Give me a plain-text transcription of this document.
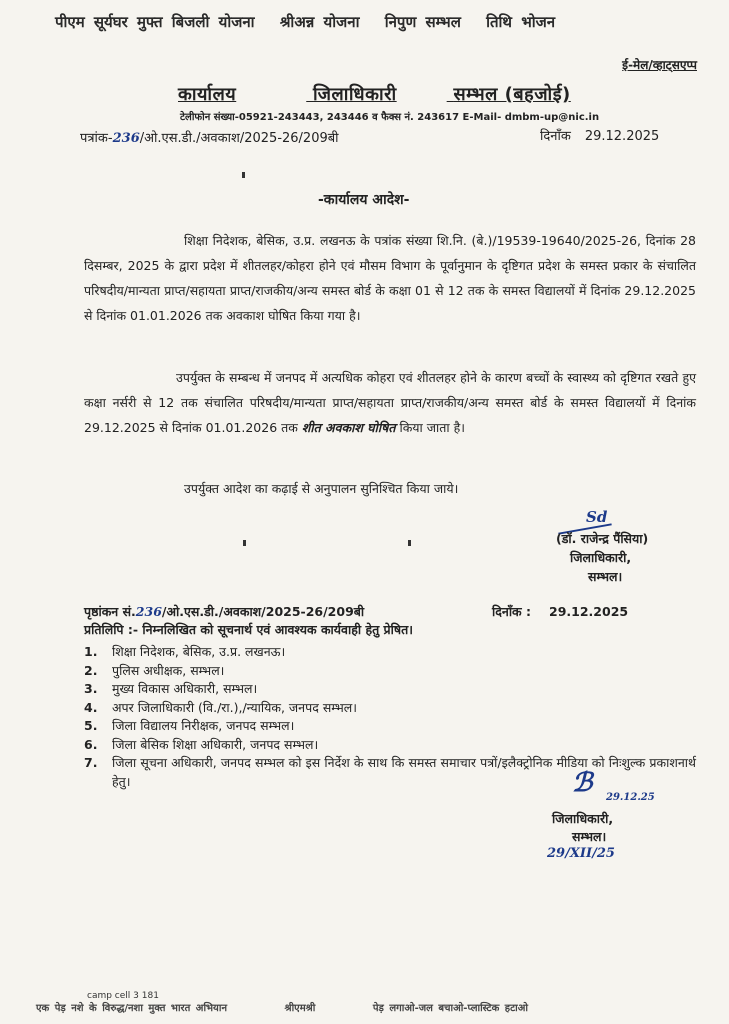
पीएम सूर्यघर मुफ्त बिजली योजना श्रीअन्न योजना निपुण सम्भल तिथि भोजन
ई-मेल/व्हाट्सएप्प
कार्यालय	जिलाधिकारी	सम्भल (बहजोई)
टेलीफोन संख्या-05921-243443, 243446 व फैक्स नं. 243617 E-Mail- dmbm-up@nic.in
पत्रांक-236/ओ.एस.डी./अवकाश/2025-26/209बी	दिनाँक 29.12.2025
-कार्यालय आदेश-

शिक्षा निदेशक, बेसिक, उ.प्र. लखनऊ के पत्रांक संख्या शि.नि. (बे.)/19539-19640/2025-26, दिनांक 28 दिसम्बर, 2025 के द्वारा प्रदेश में शीतलहर/कोहरा होने एवं मौसम विभाग के पूर्वानुमान के दृष्टिगत प्रदेश के समस्त प्रकार के संचालित परिषदीय/मान्यता प्राप्त/सहायता प्राप्त/राजकीय/अन्य समस्त बोर्ड के कक्षा 01 से 12 तक के समस्त विद्यालयों में दिनांक 29.12.2025 से दिनांक 01.01.2026 तक अवकाश घोषित किया गया है।

उपर्युक्त के सम्बन्ध में जनपद में अत्यधिक कोहरा एवं शीतलहर होने के कारण बच्चों के स्वास्थ्य को दृष्टिगत रखते हुए कक्षा नर्सरी से 12 तक संचालित परिषदीय/मान्यता प्राप्त/सहायता प्राप्त/राजकीय/अन्य समस्त बोर्ड के समस्त विद्यालयों में दिनांक 29.12.2025 से दिनांक 01.01.2026 तक शीत अवकाश घोषित किया जाता है।

उपर्युक्त आदेश का कढ़ाई से अनुपालन सुनिश्चित किया जाये।

Sd
(डॉ. राजेन्द्र पैंसिया)
जिलाधिकारी,
सम्भल।
पृष्ठांकन सं.236/ओ.एस.डी./अवकाश/2025-26/209बी	दिनाँक : 29.12.2025
प्रतिलिपि :- निम्नलिखित को सूचनार्थ एवं आवश्यक कार्यवाही हेतु प्रेषित।
1.	शिक्षा निदेशक, बेसिक, उ.प्र. लखनऊ।
2.	पुलिस अधीक्षक, सम्भल।
3.	मुख्य विकास अधिकारी, सम्भल।
4.	अपर जिलाधिकारी (वि./रा.),/न्यायिक, जनपद सम्भल।
5.	जिला विद्यालय निरीक्षक, जनपद सम्भल।
6.	जिला बेसिक शिक्षा अधिकारी, जनपद सम्भल।
7.	जिला सूचना अधिकारी, जनपद सम्भल को इस निर्देश के साथ कि समस्त समाचार पत्रों/इलैक्ट्रोनिक मीडिया को निःशुल्क प्रकाशनार्थ हेतु।	ℬ 29.12.25
जिलाधिकारी,
सम्भल।
29/XII/25
camp cell 3 181
एक पेड़ नशे के विरुद्ध/नशा मुक्त भारत अभियान	श्रीएमश्री	पेड़ लगाओ-जल बचाओ-प्लास्टिक हटाओ
